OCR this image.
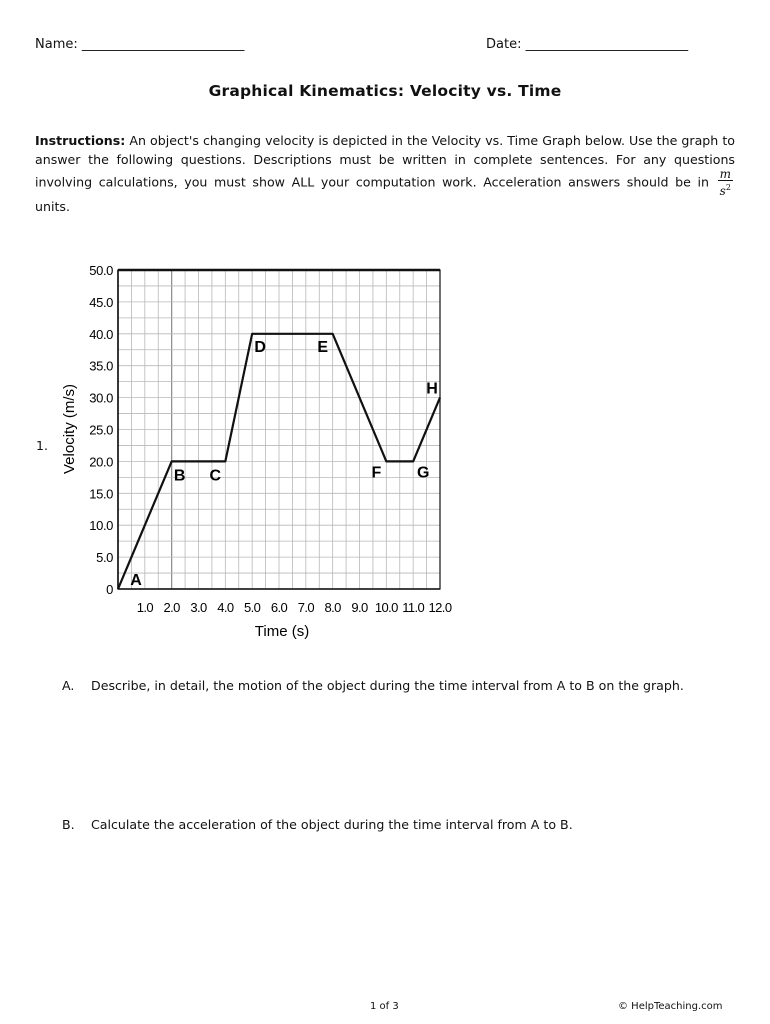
Name: _________________________	Date: _________________________
Graphical Kinematics: Velocity vs. Time
Instructions: An object's changing velocity is depicted in the Velocity vs. Time Graph below. Use the graph to answer the following questions. Descriptions must be written in complete sentences. For any questions involving calculations, you must show ALL your computation work. Acceleration answers should be in $\frac{m}{s^2}$
units.
1.
1.0 2.0 3.0 4.0 5.0 6.0 7.0 8.0 9.0 10.0 11.0 12.0
0
5.0
10.0
15.0
20.0
25.0
30.0
35.0
40.0
45.0
50.0
A
B C
D	E
F G
H
Time (s)
Velocity (m/s)
A. Describe, in detail, the motion of the object during the time interval from A to B on the graph.
B. Calculate the acceleration of the object during the time interval from A to B.
1 of 3	© HelpTeaching.com
